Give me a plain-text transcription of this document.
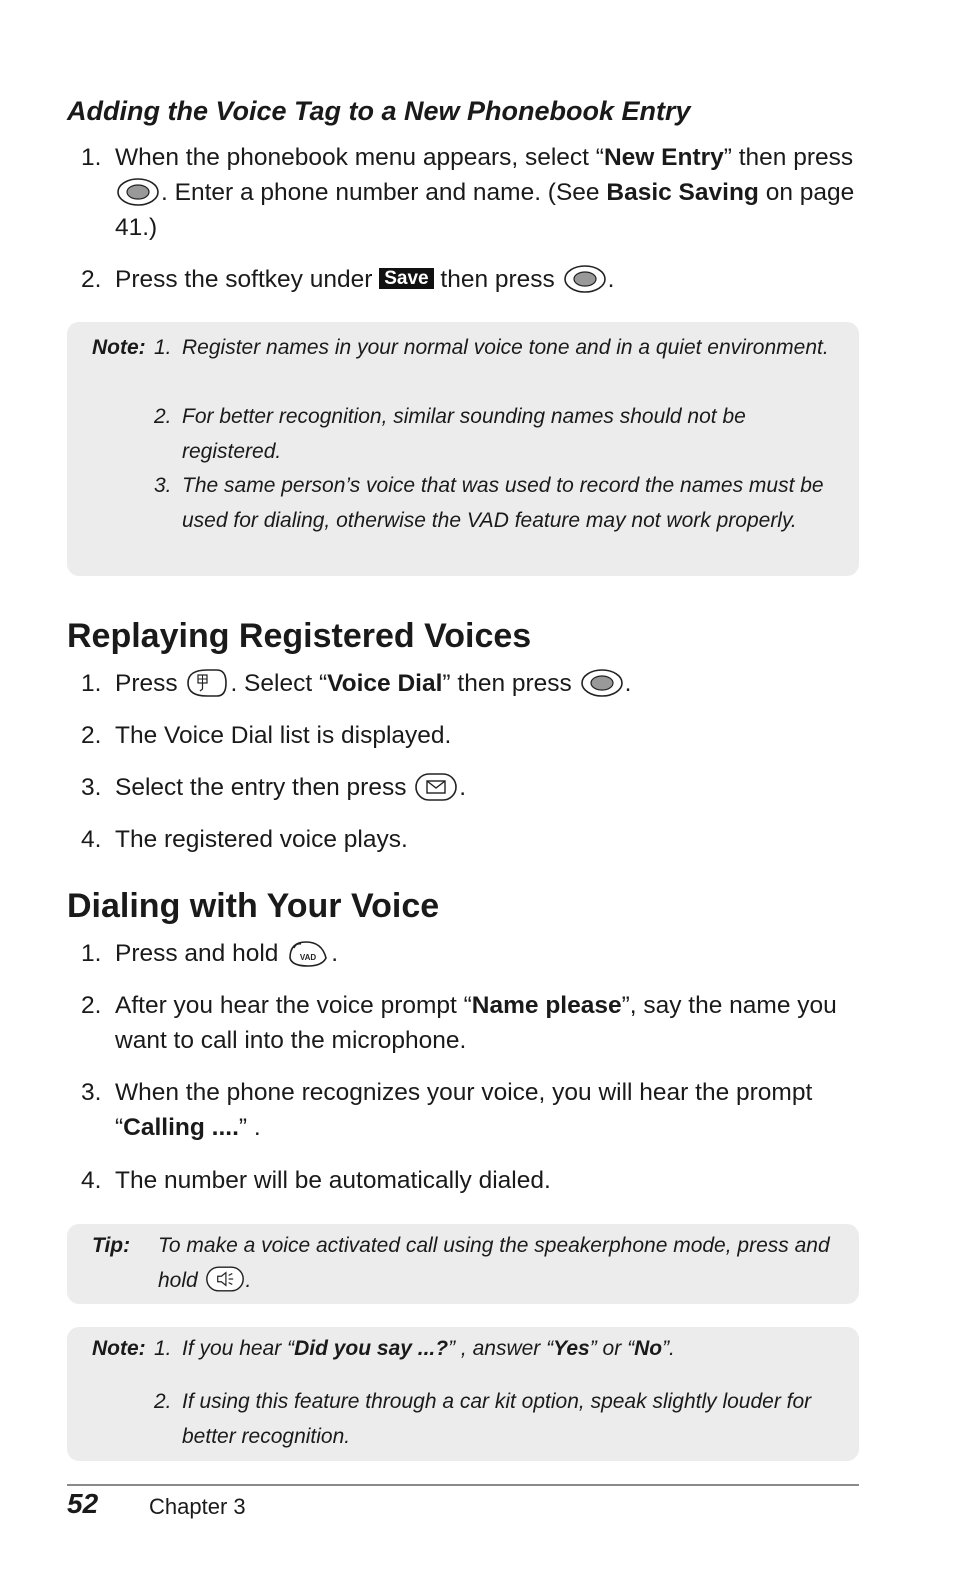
Adding the Voice Tag to a New Phonebook Entry
1. When the phonebook menu appears, select “New Entry” then press
. Enter a phone number and name. (See Basic Saving on page 41.)
2. Press the softkey under Save then press
.
Note: 1. Register names in your normal voice tone and in a quiet environment.
2. For better recognition, similar sounding names should not be registered.
3. The same person’s voice that was used to record the names must be used for dialing, otherwise the VAD feature may not work properly.
Replaying Registered Voices
1. Press
. Select “Voice Dial” then press
.
2. The Voice Dial list is displayed.
3. Select the entry then press
.
4. The registered voice plays.
Dialing with Your Voice
1. Press and hold VAD .
2. After you hear the voice prompt “Name please”, say the name you want to call into the microphone.
3. When the phone recognizes your voice, you will hear the prompt “Calling ....” .
4. The number will be automatically dialed.
Tip: To make a voice activated call using the speakerphone mode, press and hold
.
Note: 1. If you hear “Did you say ...?” , answer “Yes” or “No”.
2. If using this feature through a car kit option, speak slightly louder for better recognition.
52 Chapter 3
